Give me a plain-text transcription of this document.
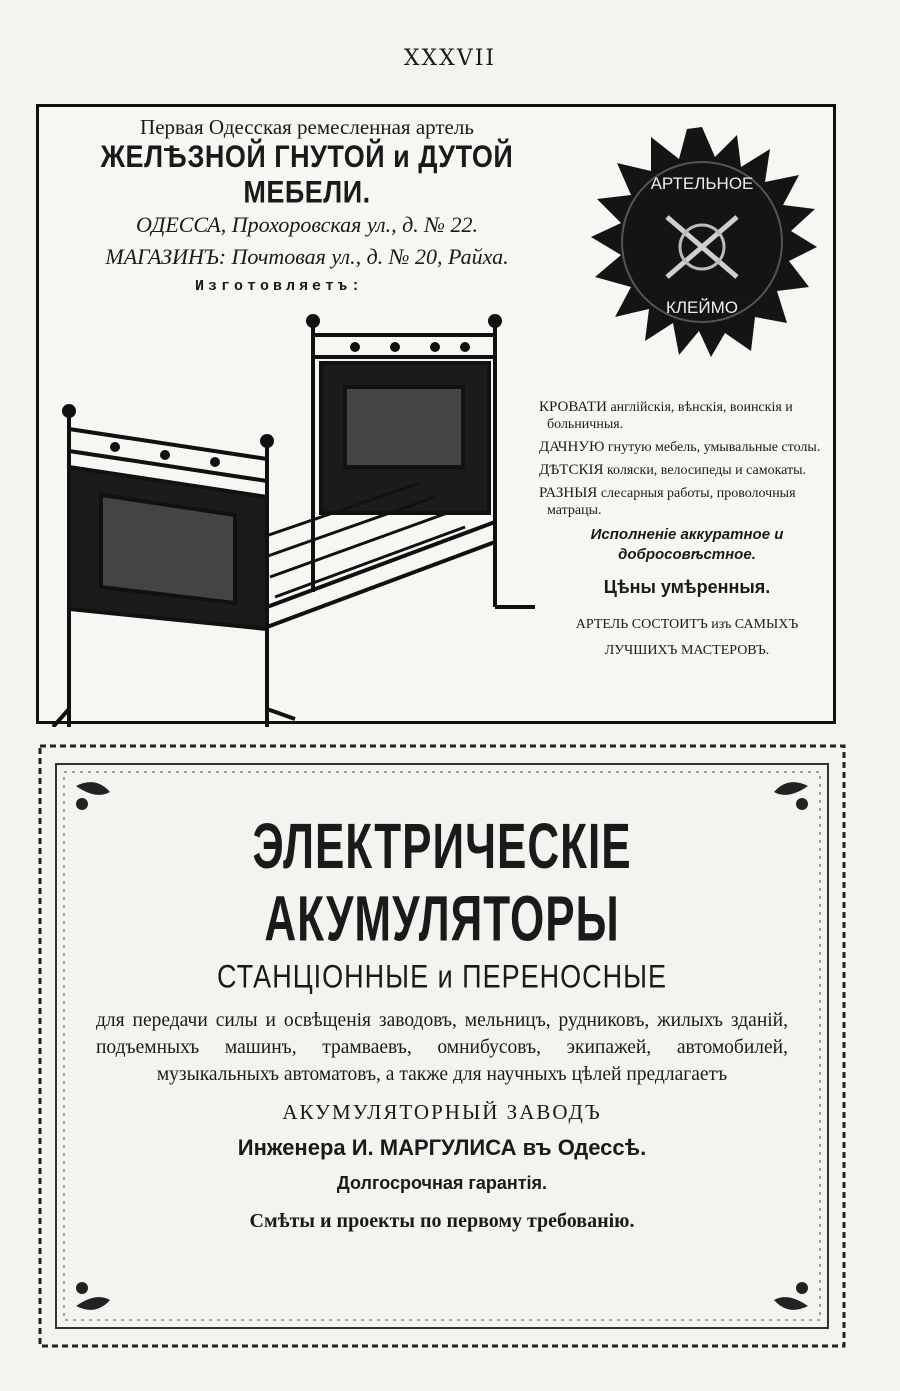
XXXVII
Первая Одесская ремесленная артель
ЖЕЛѢЗНОЙ ГНУТОЙ и ДУТОЙ МЕБЕЛИ.
ОДЕССА, Прохоровская ул., д. № 22.
МАГАЗИНЪ: Почтовая ул., д. № 20, Райха.
Изготовляетъ:
АРТЕЛЬНОЕ
КЛЕЙМО
КРОВАТИ англійскія, вѣнскія, воинскія и больничныя.
ДАЧНУЮ гнутую мебель, умывальные столы.
ДѢТСКІЯ коляски, велосипеды и самокаты.
РАЗНЫЯ слесарныя работы, проволочныя матрацы.
Исполненіе аккуратное и
добросовѣстное.
Цѣны умѣренныя.
АРТЕЛЬ СОСТОИТЪ изъ САМЫХЪ
ЛУЧШИХЪ МАСТЕРОВЪ.
ЭЛЕКТРИЧЕСКІЕ АКУМУЛЯТОРЫ
СТАНЦІОННЫЕ и ПЕРЕНОСНЫЕ
для передачи силы и освѣщенія заводовъ, мельницъ, рудниковъ, жилыхъ зданій, подъемныхъ машинъ, трамваевъ, омнибусовъ, экипажей, автомобилей, музыкальныхъ автоматовъ, а также для научныхъ цѣлей предлагаетъ
АКУМУЛЯТОРНЫЙ ЗАВОДЪ
Инженера И. МАРГУЛИСА въ Одессѣ.
Долгосрочная гарантія.
Смѣты и проекты по первому требованію.
